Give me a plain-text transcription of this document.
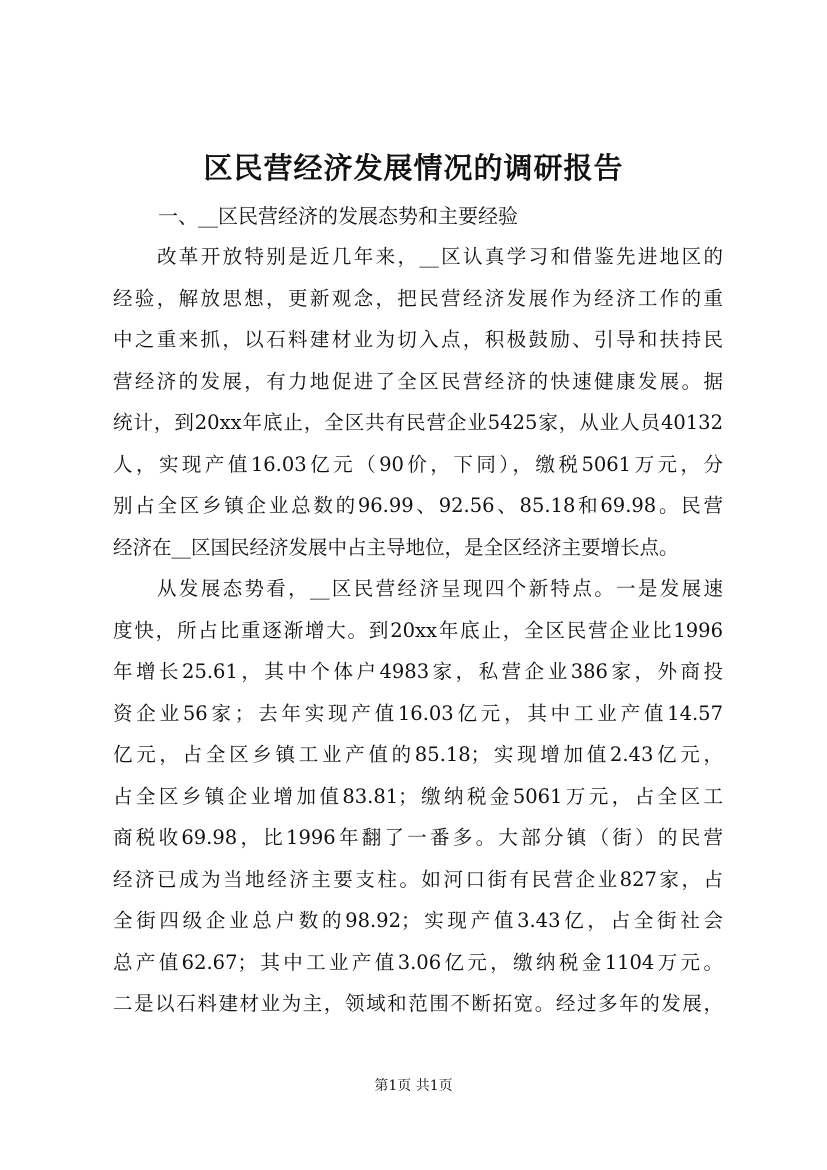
区民营经济发展情况的调研报告
一、__区民营经济的发展态势和主要经验
改革开放特别是近几年来，__区认真学习和借鉴先进地区的
经验，解放思想，更新观念，把民营经济发展作为经济工作的重
中之重来抓，以石料建材业为切入点，积极鼓励、引导和扶持民
营经济的发展，有力地促进了全区民营经济的快速健康发展。据
统计，到20xx年底止，全区共有民营企业5425家，从业人员40132
人，实现产值16.03亿元（90价，下同），缴税5061万元，分
别占全区乡镇企业总数的96.99、92.56、85.18和69.98。民营
经济在__区国民经济发展中占主导地位，是全区经济主要增长点。
从发展态势看，__区民营经济呈现四个新特点。一是发展速
度快，所占比重逐渐增大。到20xx年底止，全区民营企业比1996
年增长25.61，其中个体户4983家，私营企业386家，外商投
资企业56家；去年实现产值16.03亿元，其中工业产值14.57
亿元，占全区乡镇工业产值的85.18；实现增加值2.43亿元，
占全区乡镇企业增加值83.81；缴纳税金5061万元，占全区工
商税收69.98，比1996年翻了一番多。大部分镇（街）的民营
经济已成为当地经济主要支柱。如河口街有民营企业827家，占
全街四级企业总户数的98.92；实现产值3.43亿，占全街社会
总产值62.67；其中工业产值3.06亿元，缴纳税金1104万元。
二是以石料建材业为主，领域和范围不断拓宽。经过多年的发展，
第1页 共1页
